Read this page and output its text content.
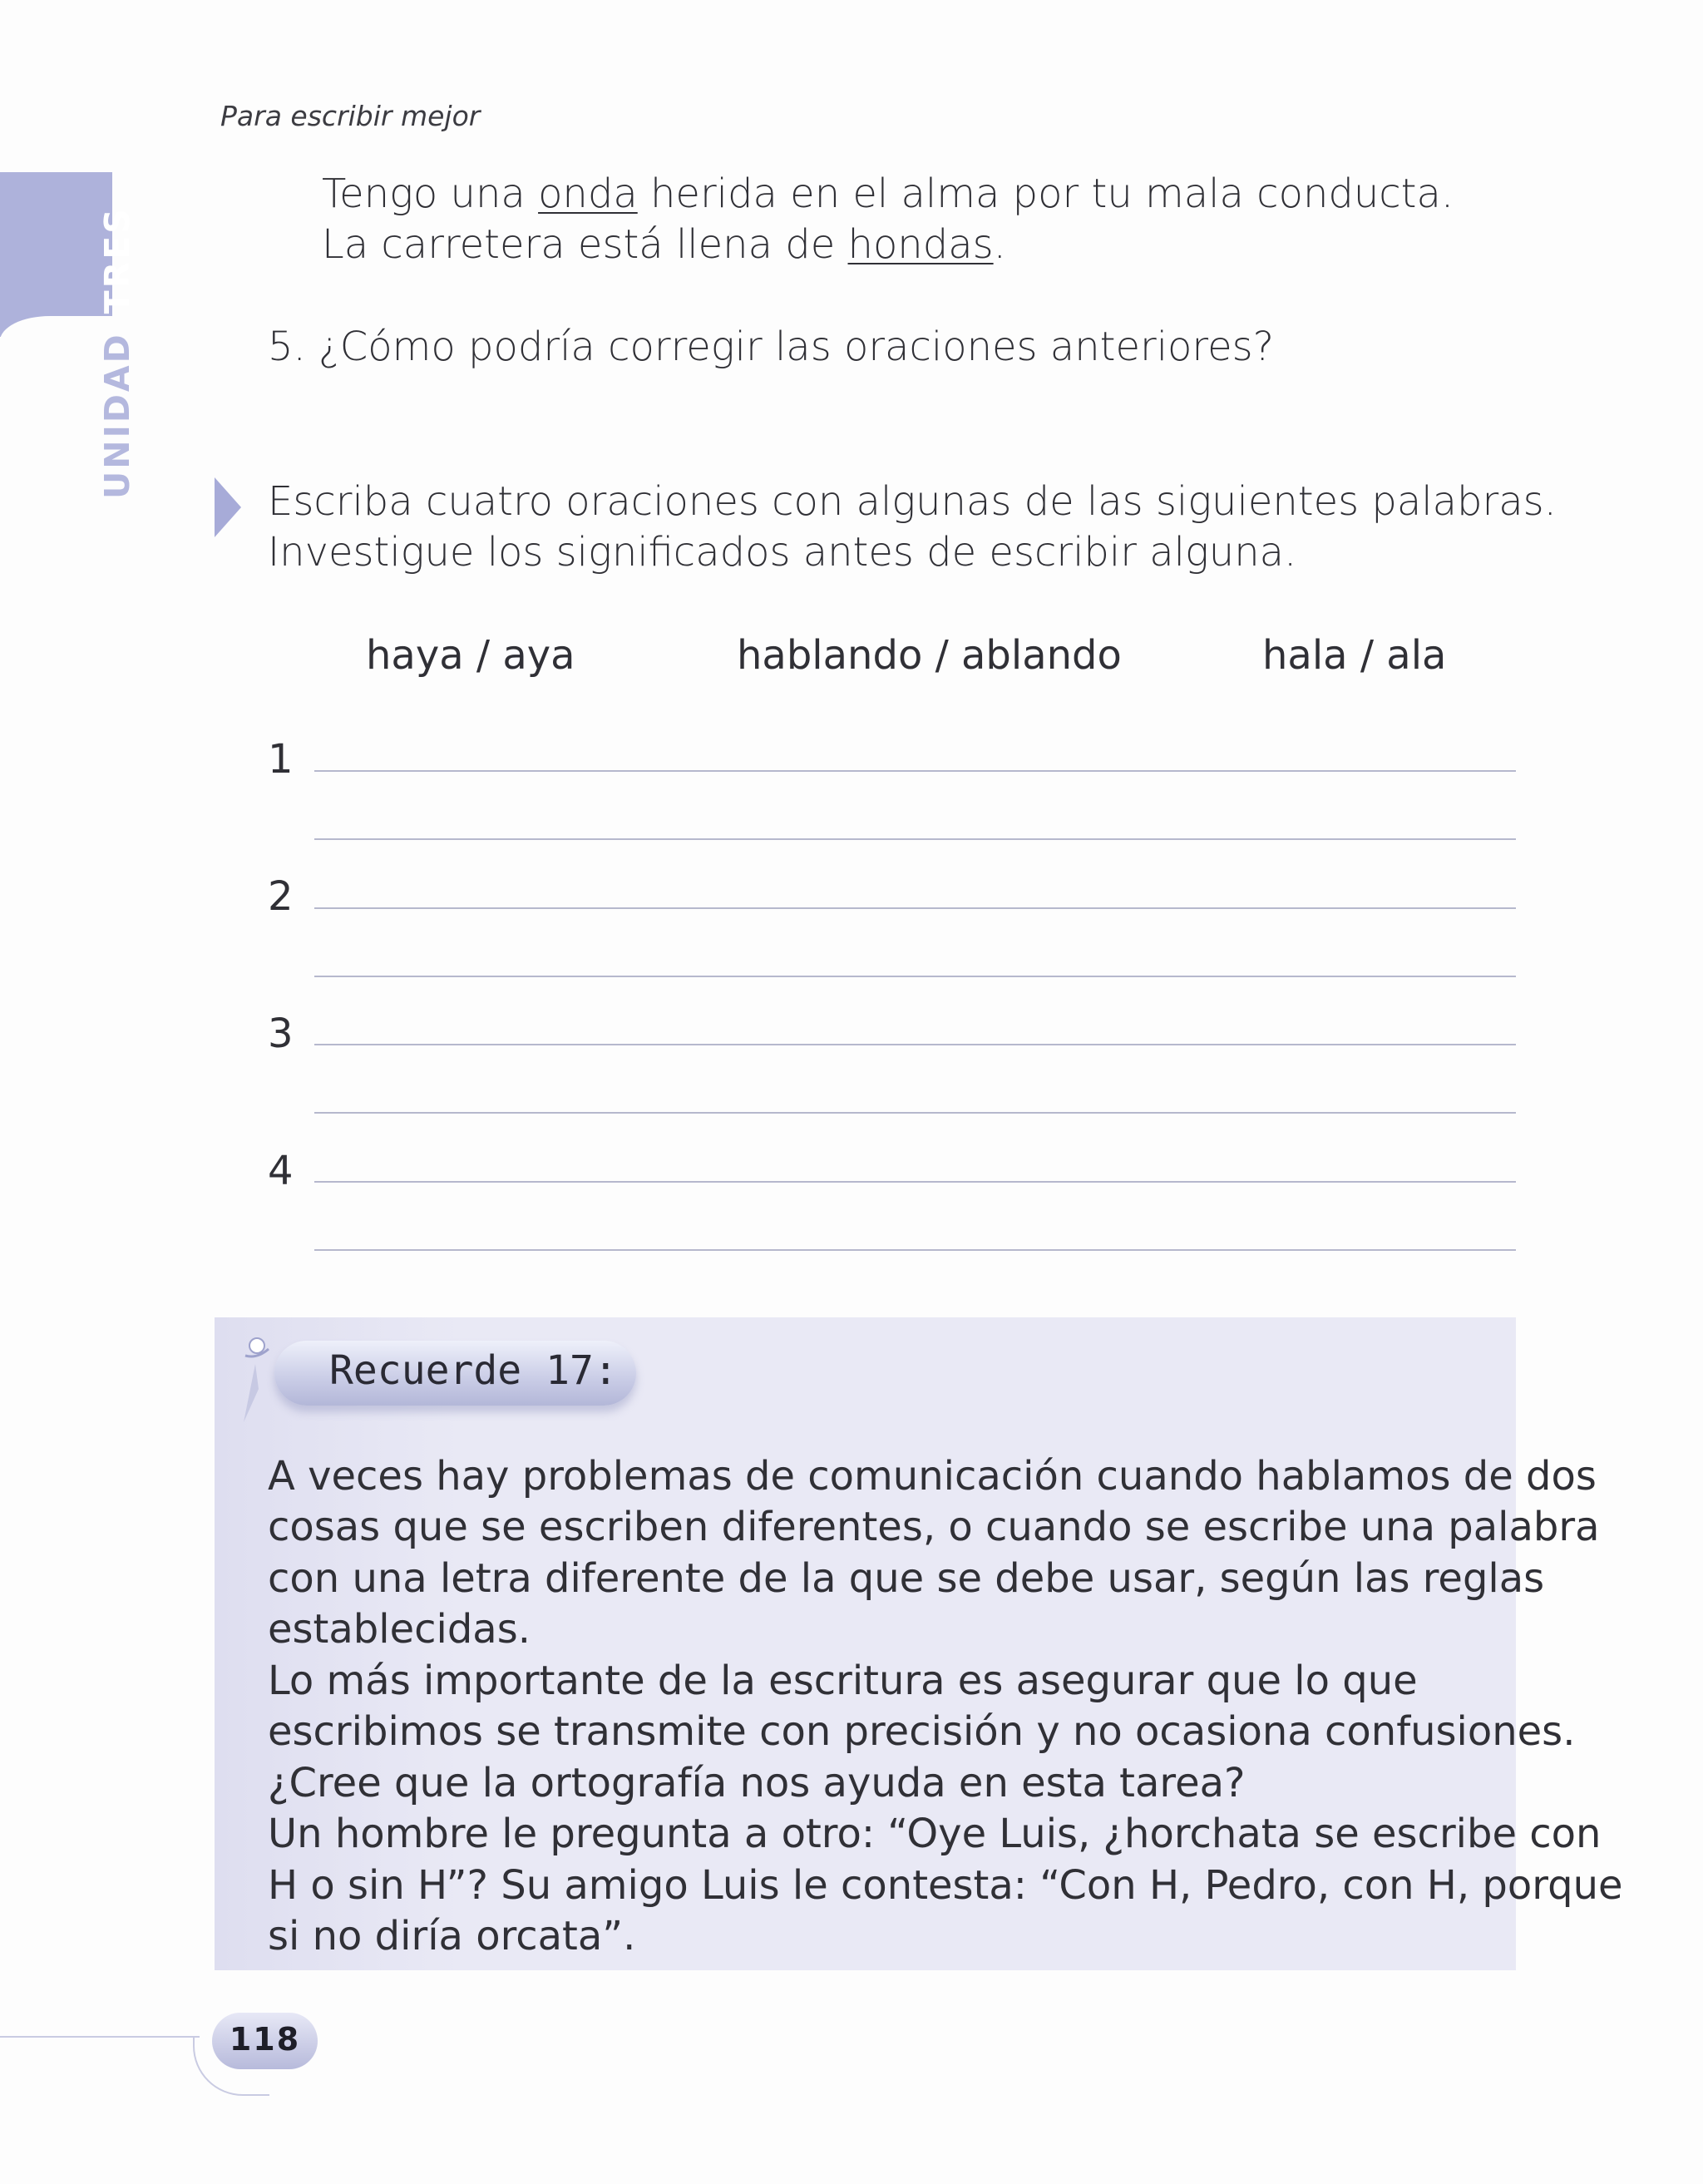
Para escribir mejor
UNIDADTRES
Tengo una onda herida en el alma por tu mala conducta.
La carretera está llena de hondas.
5. ¿Cómo podría corregir las oraciones anteriores?
Escriba cuatro oraciones con algunas de las siguientes palabras.
Investigue los significados antes de escribir alguna.
haya / aya	hablando / ablando	hala / ala
1
2
3
4
Recuerde 17:
A veces hay problemas de comunicación cuando hablamos de dos
cosas que se escriben diferentes, o cuando se escribe una palabra
con una letra diferente de la que se debe usar, según las reglas
establecidas.
Lo más importante de la escritura es asegurar que lo que
escribimos se transmite con precisión y no ocasiona confusiones.
¿Cree que la ortografía nos ayuda en esta tarea?
Un hombre le pregunta a otro: “Oye Luis, ¿horchata se escribe con
H o sin H”? Su amigo Luis le contesta: “Con H, Pedro, con H, porque
si no diría orcata”.
118
